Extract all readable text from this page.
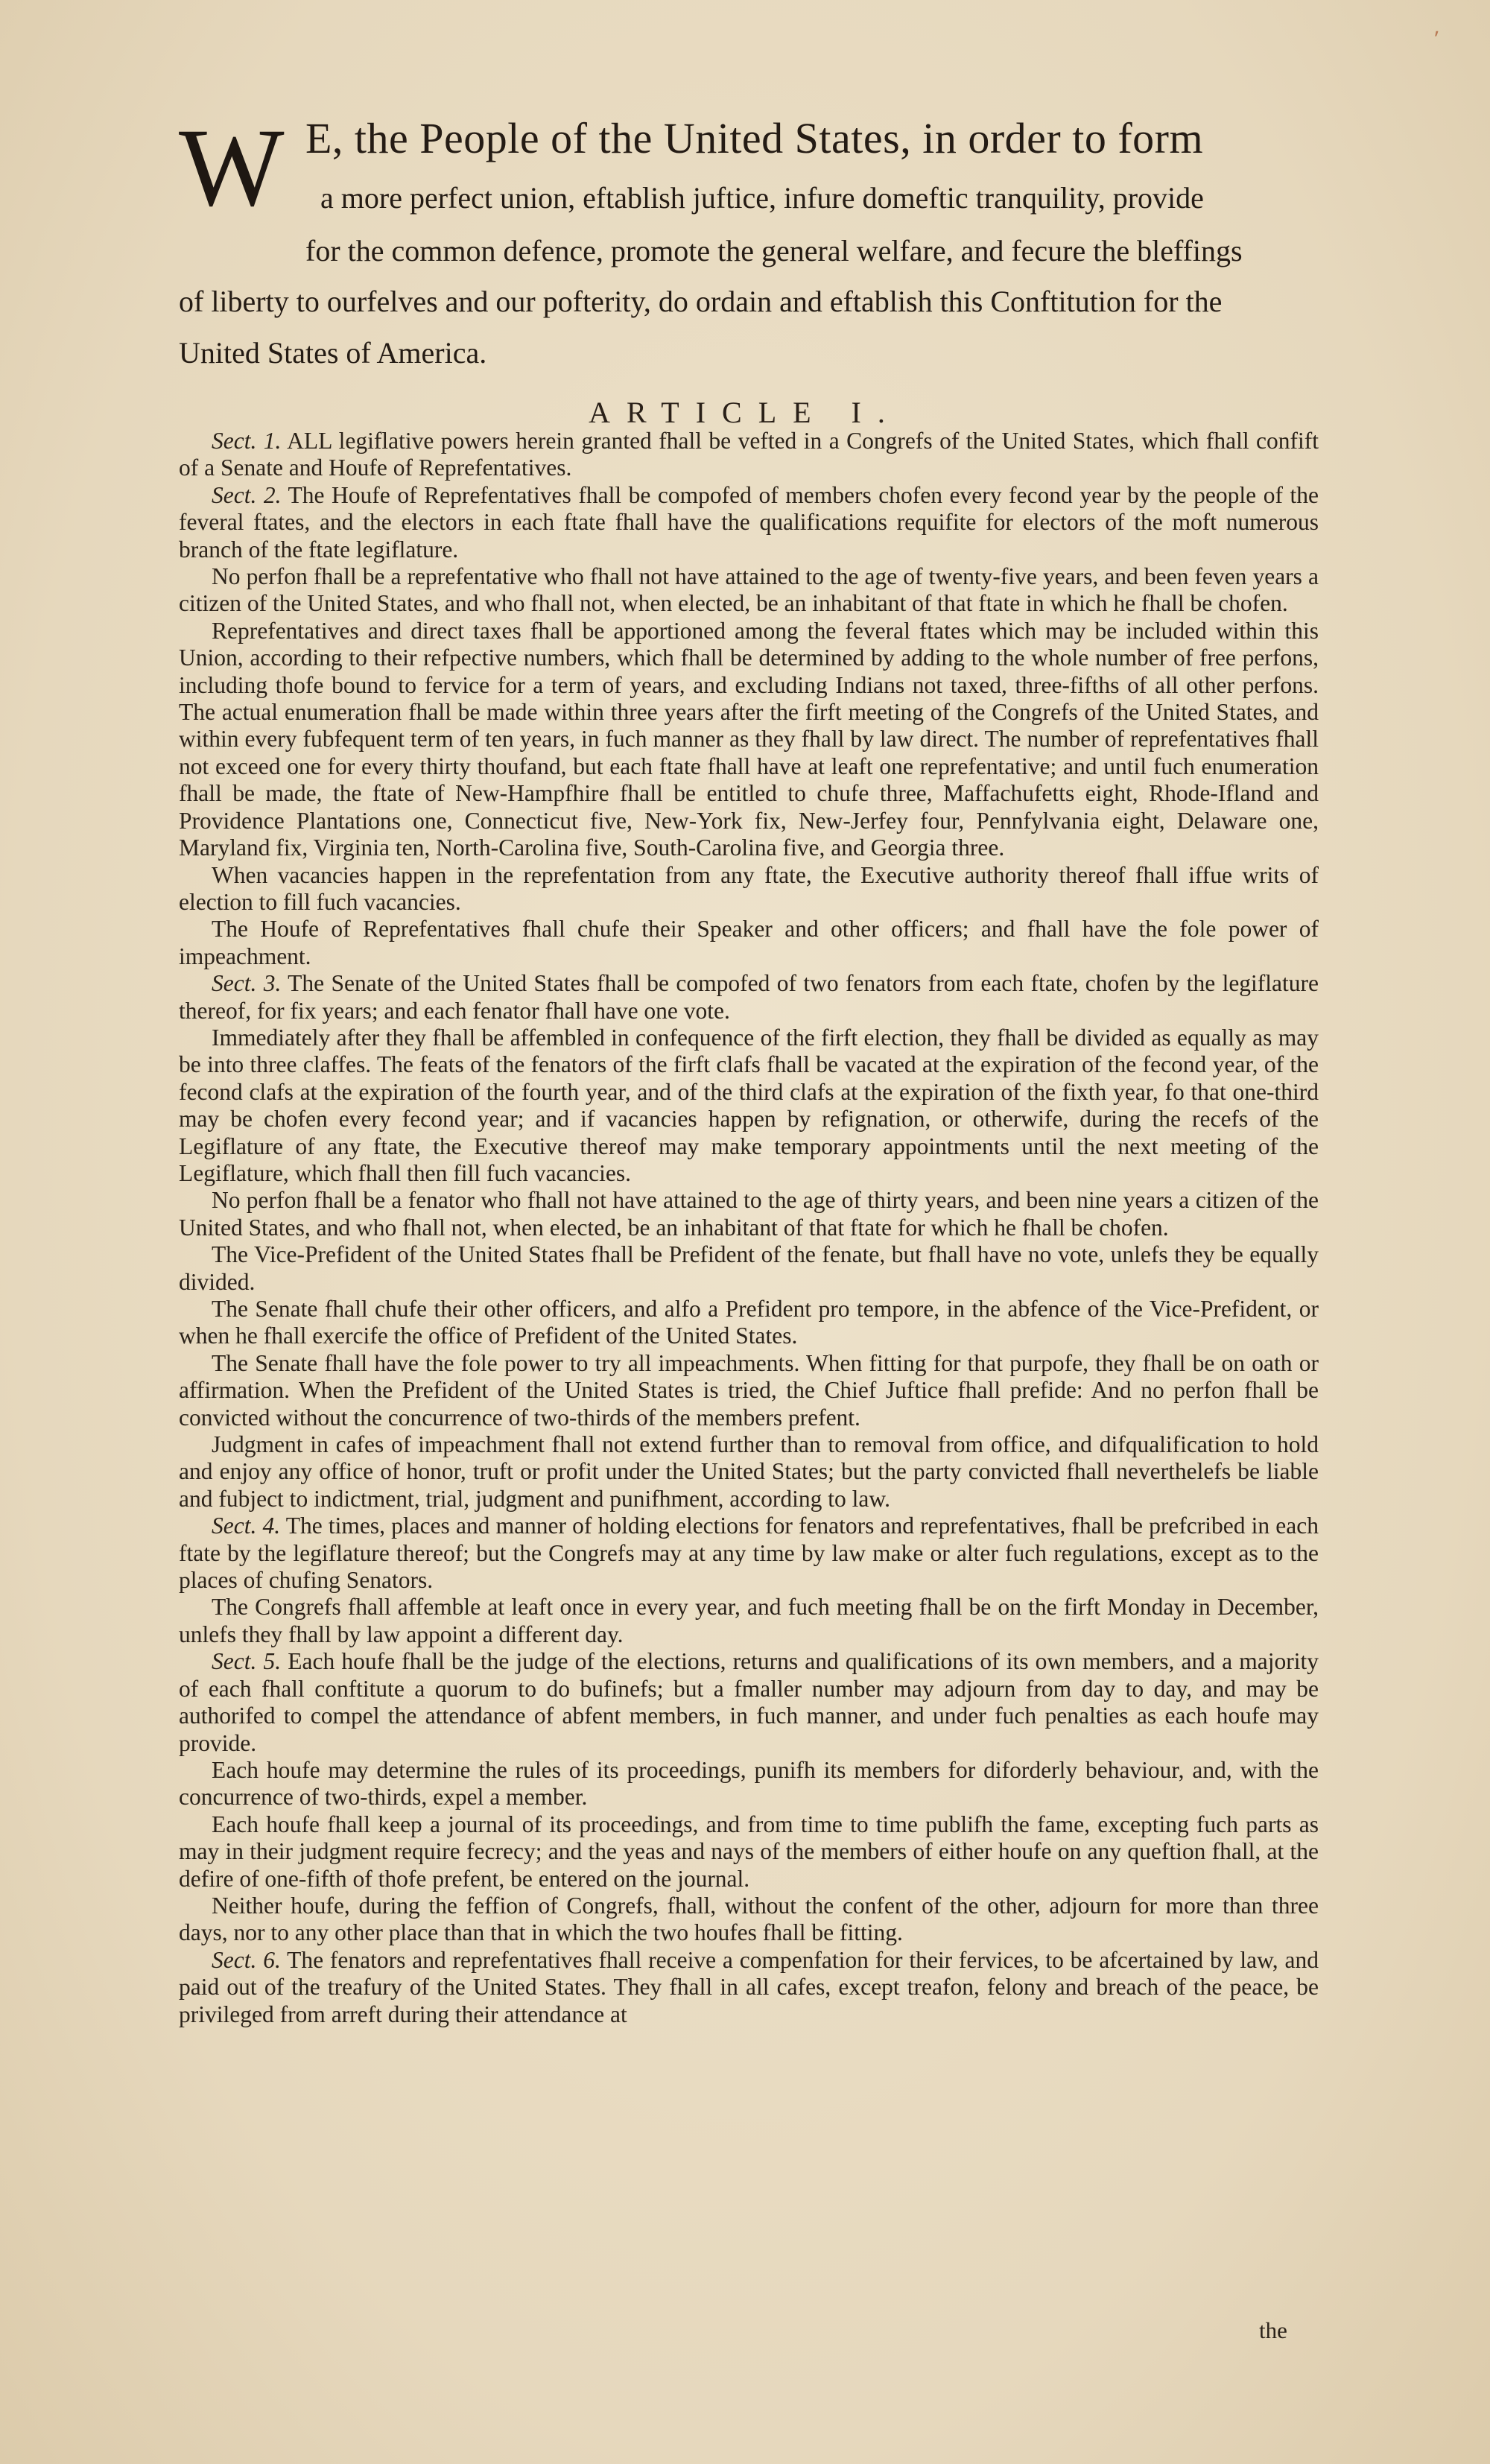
⸴
W E, the People of the United States, in order to form
a more perfect union, eftablish juftice, infure domeftic tranquility, provide
for the common defence, promote the general welfare, and fecure the bleffings
of liberty to ourfelves and our pofterity, do ordain and eftablish this Conftitution for the
United States of America.
ARTICLE I.

Sect. 1. ALL legiflative powers herein granted fhall be vefted in a Congrefs of the United States, which fhall confift of a Senate and Houfe of Reprefentatives.

Sect. 2. The Houfe of Reprefentatives fhall be compofed of members chofen every fecond year by the people of the feveral ftates, and the electors in each ftate fhall have the qualifications requifite for electors of the moft numerous branch of the ftate legiflature.

No perfon fhall be a reprefentative who fhall not have attained to the age of twenty-five years, and been feven years a citizen of the United States, and who fhall not, when elected, be an inhabitant of that ftate in which he fhall be chofen.

Reprefentatives and direct taxes fhall be apportioned among the feveral ftates which may be included within this Union, according to their refpective numbers, which fhall be determined by adding to the whole number of free perfons, including thofe bound to fervice for a term of years, and excluding Indians not taxed, three-fifths of all other perfons. The actual enumeration fhall be made within three years after the firft meeting of the Congrefs of the United States, and within every fubfequent term of ten years, in fuch manner as they fhall by law direct. The number of reprefentatives fhall not exceed one for every thirty thoufand, but each ftate fhall have at leaft one reprefentative; and until fuch enumeration fhall be made, the ftate of New-Hampfhire fhall be entitled to chufe three, Maffachufetts eight, Rhode-Ifland and Providence Plantations one, Connecticut five, New-York fix, New-Jerfey four, Pennfylvania eight, Delaware one, Maryland fix, Virginia ten, North-Carolina five, South-Carolina five, and Georgia three.

When vacancies happen in the reprefentation from any ftate, the Executive authority thereof fhall iffue writs of election to fill fuch vacancies.

The Houfe of Reprefentatives fhall chufe their Speaker and other officers; and fhall have the fole power of impeachment.

Sect. 3. The Senate of the United States fhall be compofed of two fenators from each ftate, chofen by the legiflature thereof, for fix years; and each fenator fhall have one vote.

Immediately after they fhall be affembled in confequence of the firft election, they fhall be divided as equally as may be into three claffes. The feats of the fenators of the firft clafs fhall be vacated at the expiration of the fecond year, of the fecond clafs at the expiration of the fourth year, and of the third clafs at the expiration of the fixth year, fo that one-third may be chofen every fecond year; and if vacancies happen by refignation, or otherwife, during the recefs of the Legiflature of any ftate, the Executive thereof may make temporary appointments until the next meeting of the Legiflature, which fhall then fill fuch vacancies.

No perfon fhall be a fenator who fhall not have attained to the age of thirty years, and been nine years a citizen of the United States, and who fhall not, when elected, be an inhabitant of that ftate for which he fhall be chofen.

The Vice-Prefident of the United States fhall be Prefident of the fenate, but fhall have no vote, unlefs they be equally divided.

The Senate fhall chufe their other officers, and alfo a Prefident pro tempore, in the abfence of the Vice-Prefident, or when he fhall exercife the office of Prefident of the United States.

The Senate fhall have the fole power to try all impeachments. When fitting for that purpofe, they fhall be on oath or affirmation. When the Prefident of the United States is tried, the Chief Juftice fhall prefide: And no perfon fhall be convicted without the concurrence of two-thirds of the members prefent.

Judgment in cafes of impeachment fhall not extend further than to removal from office, and difqualification to hold and enjoy any office of honor, truft or profit under the United States; but the party convicted fhall neverthelefs be liable and fubject to indictment, trial, judgment and punifhment, according to law.

Sect. 4. The times, places and manner of holding elections for fenators and reprefentatives, fhall be prefcribed in each ftate by the legiflature thereof; but the Congrefs may at any time by law make or alter fuch regulations, except as to the places of chufing Senators.

The Congrefs fhall affemble at leaft once in every year, and fuch meeting fhall be on the firft Monday in December, unlefs they fhall by law appoint a different day.

Sect. 5. Each houfe fhall be the judge of the elections, returns and qualifications of its own members, and a majority of each fhall conftitute a quorum to do bufinefs; but a fmaller number may adjourn from day to day, and may be authorifed to compel the attendance of abfent members, in fuch manner, and under fuch penalties as each houfe may provide.

Each houfe may determine the rules of its proceedings, punifh its members for diforderly behaviour, and, with the concurrence of two-thirds, expel a member.

Each houfe fhall keep a journal of its proceedings, and from time to time publifh the fame, excepting fuch parts as may in their judgment require fecrecy; and the yeas and nays of the members of either houfe on any queftion fhall, at the defire of one-fifth of thofe prefent, be entered on the journal.

Neither houfe, during the feffion of Congrefs, fhall, without the confent of the other, adjourn for more than three days, nor to any other place than that in which the two houfes fhall be fitting.

Sect. 6. The fenators and reprefentatives fhall receive a compenfation for their fervices, to be afcertained by law, and paid out of the treafury of the United States. They fhall in all cafes, except treafon, felony and breach of the peace, be privileged from arreft during their attendance at

the
